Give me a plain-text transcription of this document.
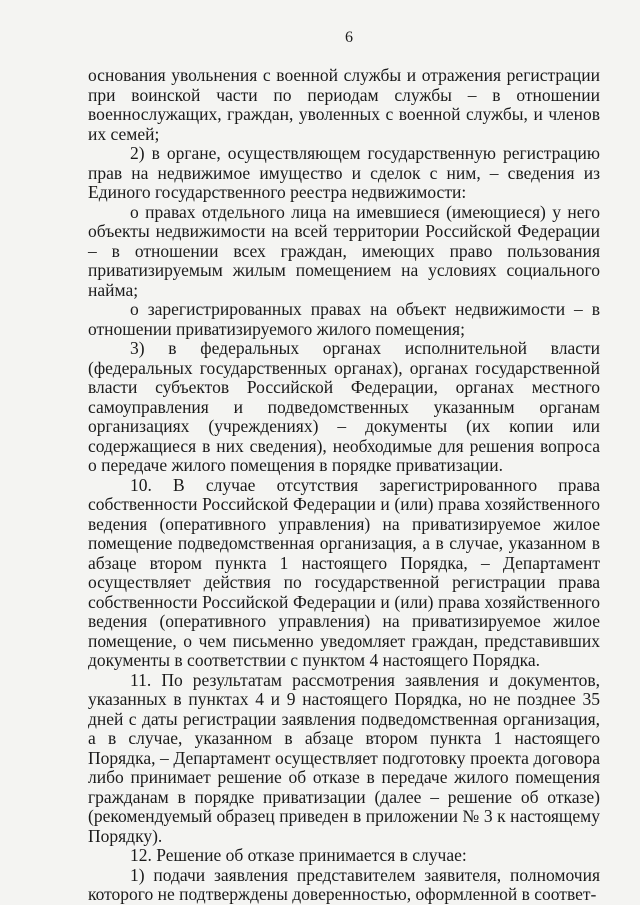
6

основания увольнения с военной службы и отражения регистрации при воинской части по периодам службы – в отношении военнослужащих, граждан, уволенных с военной службы, и членов их семей;

2) в органе, осуществляющем государственную регистрацию прав на недвижимое имущество и сделок с ним, – сведения из Единого государственного реестра недвижимости:

о правах отдельного лица на имевшиеся (имеющиеся) у него объекты недвижимости на всей территории Российской Федерации – в отношении всех граждан, имеющих право пользования приватизируемым жилым помещением на условиях социального найма;

о зарегистрированных правах на объект недвижимости – в отношении приватизируемого жилого помещения;

3) в федеральных органах исполнительной власти (федеральных государственных органах), органах государственной власти субъектов Российской Федерации, органах местного самоуправления и подведомственных указанным органам организациях (учреждениях) – документы (их копии или содержащиеся в них сведения), необходимые для решения вопроса о передаче жилого помещения в порядке приватизации.

10. В случае отсутствия зарегистрированного права собственности Российской Федерации и (или) права хозяйственного ведения (оперативного управления) на приватизируемое жилое помещение подведомственная организация, а в случае, указанном в абзаце втором пункта 1 настоящего Порядка, – Департамент осуществляет действия по государственной регистрации права собственности Российской Федерации и (или) права хозяйственного ведения (оперативного управления) на приватизируемое жилое помещение, о чем письменно уведомляет граждан, представивших документы в соответствии с пунктом 4 настоящего Порядка.

11. По результатам рассмотрения заявления и документов, указанных в пунктах 4 и 9 настоящего Порядка, но не позднее 35 дней с даты регистрации заявления подведомственная организация, а в случае, указанном в абзаце втором пункта 1 настоящего Порядка, – Департамент осуществляет подготовку проекта договора либо принимает решение об отказе в передаче жилого помещения гражданам в порядке приватизации (далее – решение об отказе) (рекомендуемый образец приведен в приложении № 3 к настоящему Порядку).

12. Решение об отказе принимается в случае:

1) подачи заявления представителем заявителя, полномочия которого не подтверждены доверенностью, оформленной в соответ-
